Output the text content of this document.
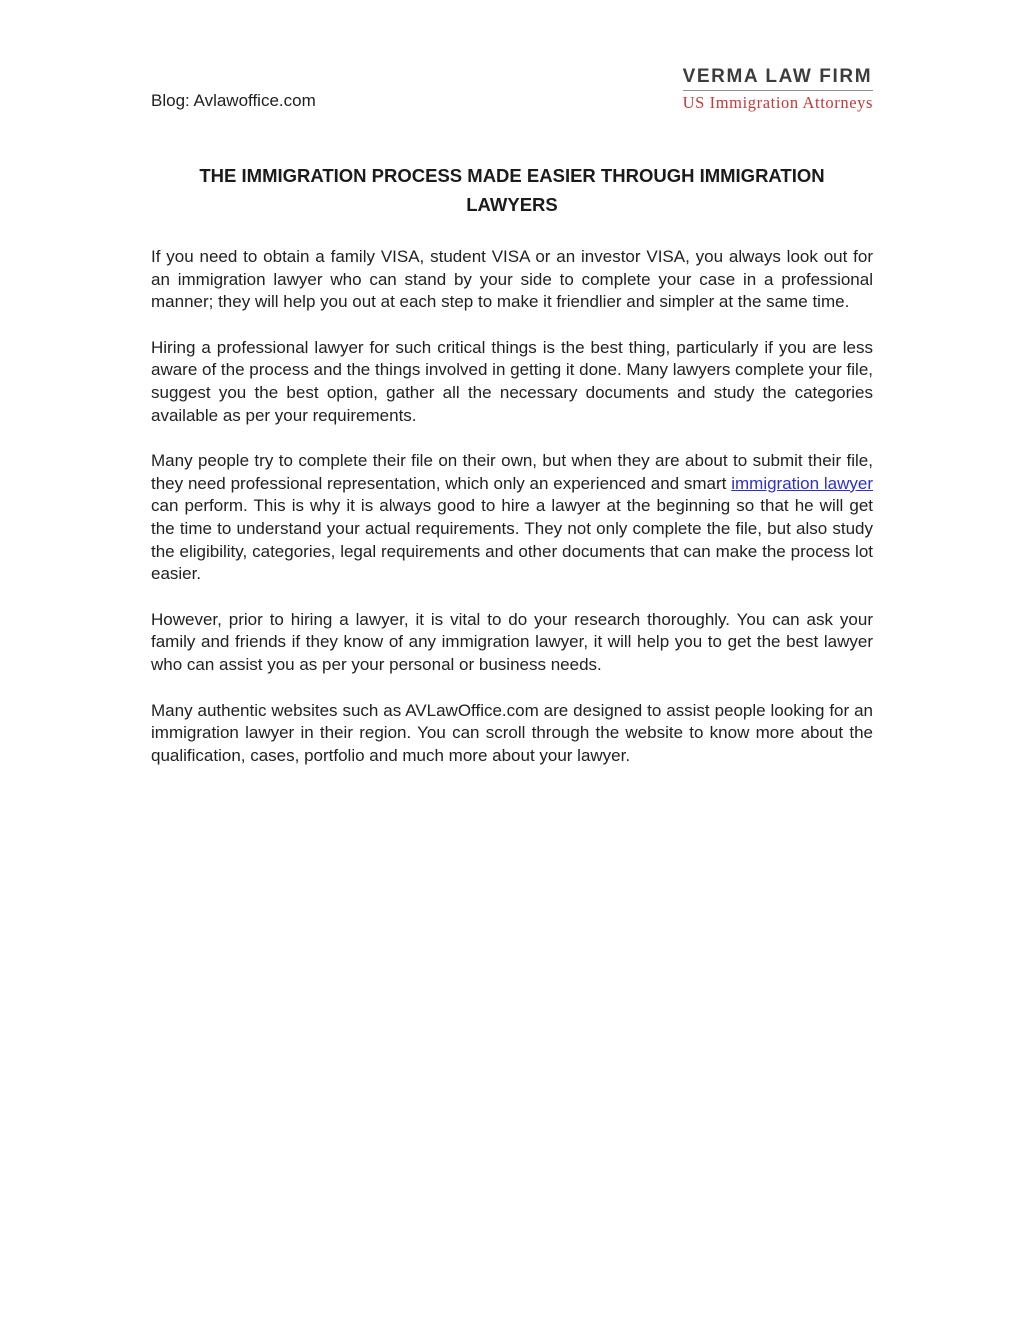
Blog: Avlawoffice.com
VERMA LAW FIRM
US Immigration Attorneys
THE IMMIGRATION PROCESS MADE EASIER THROUGH IMMIGRATION LAWYERS

If you need to obtain a family VISA, student VISA or an investor VISA, you always look out for an immigration lawyer who can stand by your side to complete your case in a professional manner; they will help you out at each step to make it friendlier and simpler at the same time.

Hiring a professional lawyer for such critical things is the best thing, particularly if you are less aware of the process and the things involved in getting it done. Many lawyers complete your file, suggest you the best option, gather all the necessary documents and study the categories available as per your requirements.

Many people try to complete their file on their own, but when they are about to submit their file, they need professional representation, which only an experienced and smart immigration lawyer can perform. This is why it is always good to hire a lawyer at the beginning so that he will get the time to understand your actual requirements. They not only complete the file, but also study the eligibility, categories, legal requirements and other documents that can make the process lot easier.

However, prior to hiring a lawyer, it is vital to do your research thoroughly. You can ask your family and friends if they know of any immigration lawyer, it will help you to get the best lawyer who can assist you as per your personal or business needs.

Many authentic websites such as AVLawOffice.com are designed to assist people looking for an immigration lawyer in their region. You can scroll through the website to know more about the qualification, cases, portfolio and much more about your lawyer.
